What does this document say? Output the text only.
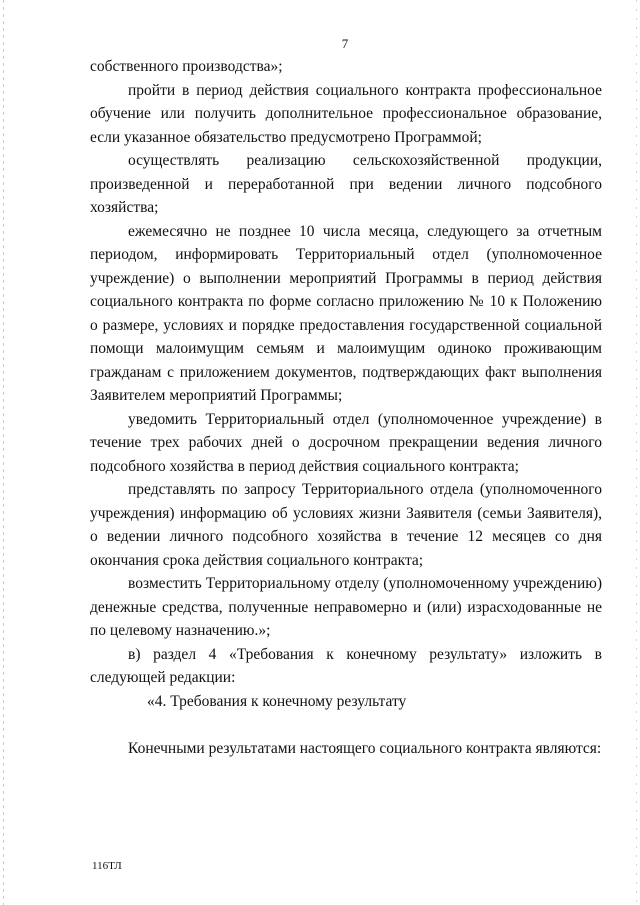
7

собственного производства»;

пройти в период действия социального контракта профессиональное обучение или получить дополнительное профессиональное образование, если указанное обязательство предусмотрено Программой;

осуществлять реализацию сельскохозяйственной продукции, произведенной и переработанной при ведении личного подсобного хозяйства;

ежемесячно не позднее 10 числа месяца, следующего за отчетным периодом, информировать Территориальный отдел (уполномоченное учреждение) о выполнении мероприятий Программы в период действия социального контракта по форме согласно приложению № 10 к Положению о размере, условиях и порядке предоставления государственной социальной помощи малоимущим семьям и малоимущим одиноко проживающим гражданам с приложением документов, подтверждающих факт выполнения Заявителем мероприятий Программы;

уведомить Территориальный отдел (уполномоченное учреждение) в течение трех рабочих дней о досрочном прекращении ведения личного подсобного хозяйства в период действия социального контракта;

представлять по запросу Территориального отдела (уполномоченного учреждения) информацию об условиях жизни Заявителя (семьи Заявителя), о ведении личного подсобного хозяйства в течение 12 месяцев со дня окончания срока действия социального контракта;

возместить Территориальному отделу (уполномоченному учреждению) денежные средства, полученные неправомерно и (или) израсходованные не по целевому назначению.»;

в) раздел 4 «Требования к конечному результату» изложить в следующей редакции:

«4. Требования к конечному результату

Конечными результатами настоящего социального контракта являются:

116ТЛ
